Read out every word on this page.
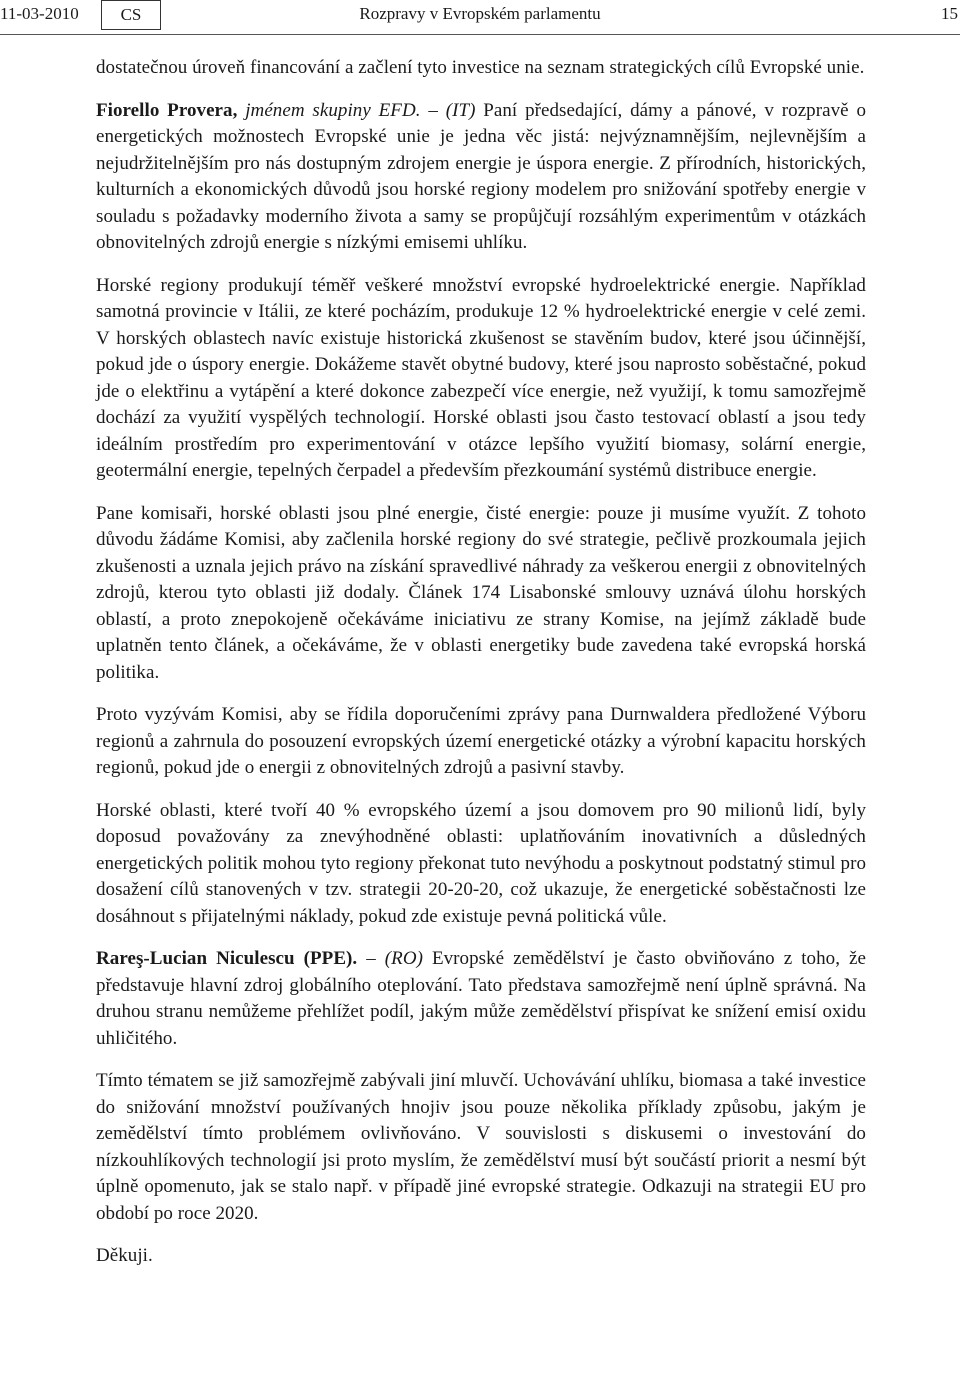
11-03-2010	CS	Rozpravy v Evropském parlamentu	15

dostatečnou úroveň financování a začlení tyto investice na seznam strategických cílů Evropské unie.

Fiorello Provera, jménem skupiny EFD. – (IT) Paní předsedající, dámy a pánové, v rozpravě o energetických možnostech Evropské unie je jedna věc jistá: nejvýznamnějším, nejlevnějším a nejudržitelnějším pro nás dostupným zdrojem energie je úspora energie. Z přírodních, historických, kulturních a ekonomických důvodů jsou horské regiony modelem pro snižování spotřeby energie v souladu s požadavky moderního života a samy se propůjčují rozsáhlým experimentům v otázkách obnovitelných zdrojů energie s nízkými emisemi uhlíku.

Horské regiony produkují téměř veškeré množství evropské hydroelektrické energie. Například samotná provincie v Itálii, ze které pocházím, produkuje 12 % hydroelektrické energie v celé zemi. V horských oblastech navíc existuje historická zkušenost se stavěním budov, které jsou účinnější, pokud jde o úspory energie. Dokážeme stavět obytné budovy, které jsou naprosto soběstačné, pokud jde o elektřinu a vytápění a které dokonce zabezpečí více energie, než využijí, k tomu samozřejmě dochází za využití vyspělých technologií. Horské oblasti jsou často testovací oblastí a jsou tedy ideálním prostředím pro experimentování v otázce lepšího využití biomasy, solární energie, geotermální energie, tepelných čerpadel a především přezkoumání systémů distribuce energie.

Pane komisaři, horské oblasti jsou plné energie, čisté energie: pouze ji musíme využít. Z tohoto důvodu žádáme Komisi, aby začlenila horské regiony do své strategie, pečlivě prozkoumala jejich zkušenosti a uznala jejich právo na získání spravedlivé náhrady za veškerou energii z obnovitelných zdrojů, kterou tyto oblasti již dodaly. Článek 174 Lisabonské smlouvy uznává úlohu horských oblastí, a proto znepokojeně očekáváme iniciativu ze strany Komise, na jejímž základě bude uplatněn tento článek, a očekáváme, že v oblasti energetiky bude zavedena také evropská horská politika.

Proto vyzývám Komisi, aby se řídila doporučeními zprávy pana Durnwaldera předložené Výboru regionů a zahrnula do posouzení evropských území energetické otázky a výrobní kapacitu horských regionů, pokud jde o energii z obnovitelných zdrojů a pasivní stavby.

Horské oblasti, které tvoří 40 % evropského území a jsou domovem pro 90 milionů lidí, byly doposud považovány za znevýhodněné oblasti: uplatňováním inovativních a důsledných energetických politik mohou tyto regiony překonat tuto nevýhodu a poskytnout podstatný stimul pro dosažení cílů stanovených v tzv. strategii 20-20-20, což ukazuje, že energetické soběstačnosti lze dosáhnout s přijatelnými náklady, pokud zde existuje pevná politická vůle.

Rareş-Lucian Niculescu (PPE). – (RO) Evropské zemědělství je často obviňováno z toho, že představuje hlavní zdroj globálního oteplování. Tato představa samozřejmě není úplně správná. Na druhou stranu nemůžeme přehlížet podíl, jakým může zemědělství přispívat ke snížení emisí oxidu uhličitého.

Tímto tématem se již samozřejmě zabývali jiní mluvčí. Uchovávání uhlíku, biomasa a také investice do snižování množství používaných hnojiv jsou pouze několika příklady způsobu, jakým je zemědělství tímto problémem ovlivňováno. V souvislosti s diskusemi o investování do nízkouhlíkových technologií jsi proto myslím, že zemědělství musí být součástí priorit a nesmí být úplně opomenuto, jak se stalo např. v případě jiné evropské strategie. Odkazuji na strategii EU pro období po roce 2020.

Děkuji.
